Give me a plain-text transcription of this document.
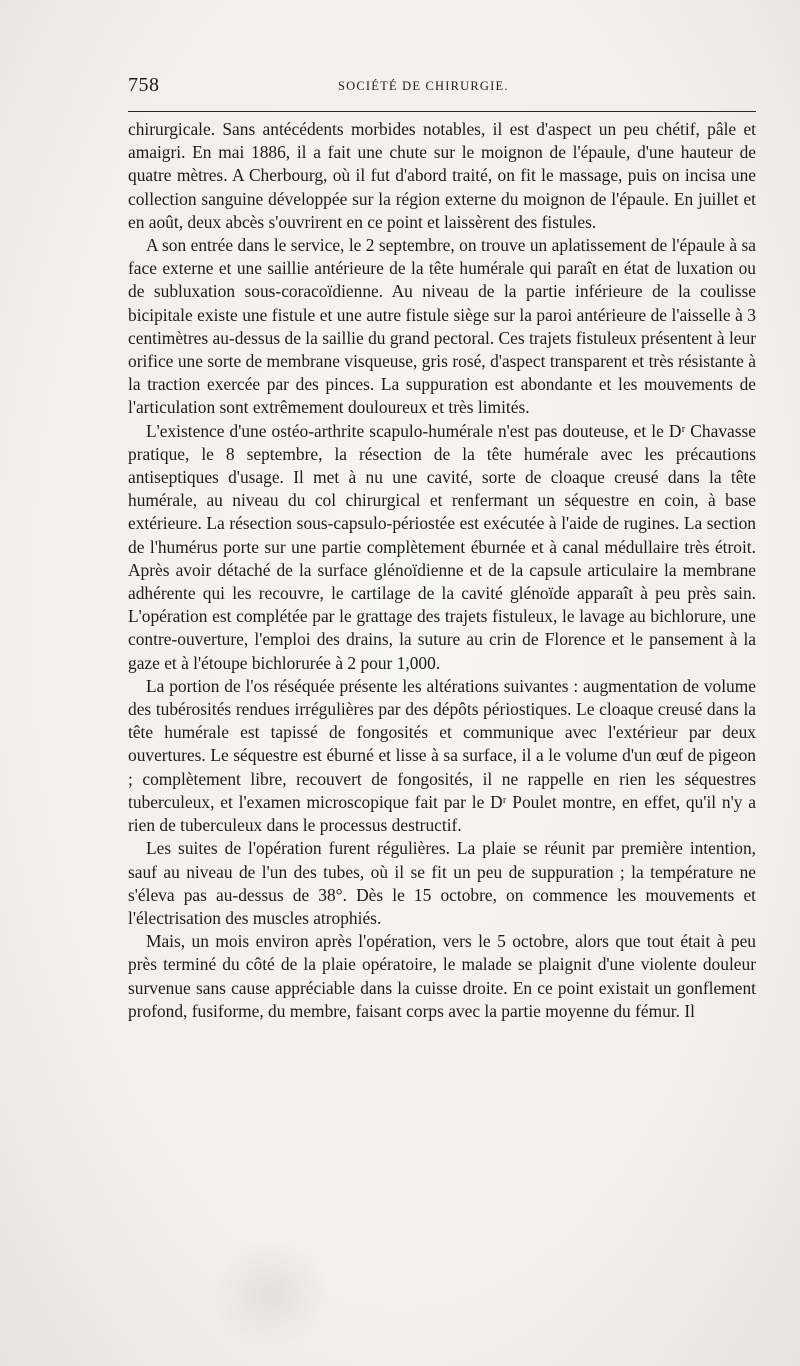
758	SOCIÉTÉ DE CHIRURGIE.

chirurgicale. Sans antécédents morbides notables, il est d'aspect un peu chétif, pâle et amaigri. En mai 1886, il a fait une chute sur le moignon de l'épaule, d'une hauteur de quatre mètres. A Cherbourg, où il fut d'abord traité, on fit le massage, puis on incisa une collection sanguine développée sur la région externe du moignon de l'épaule. En juillet et en août, deux abcès s'ouvrirent en ce point et laissèrent des fistules.

A son entrée dans le service, le 2 septembre, on trouve un aplatissement de l'épaule à sa face externe et une saillie antérieure de la tête humérale qui paraît en état de luxation ou de subluxation sous-coracoïdienne. Au niveau de la partie inférieure de la coulisse bicipitale existe une fistule et une autre fistule siège sur la paroi antérieure de l'aisselle à 3 centimètres au-dessus de la saillie du grand pectoral. Ces trajets fistuleux présentent à leur orifice une sorte de membrane visqueuse, gris rosé, d'aspect transparent et très résistante à la traction exercée par des pinces. La suppuration est abondante et les mouvements de l'articulation sont extrêmement douloureux et très limités.

L'existence d'une ostéo-arthrite scapulo-humérale n'est pas douteuse, et le Dʳ Chavasse pratique, le 8 septembre, la résection de la tête humérale avec les précautions antiseptiques d'usage. Il met à nu une cavité, sorte de cloaque creusé dans la tête humérale, au niveau du col chirurgical et renfermant un séquestre en coin, à base extérieure. La résection sous-capsulo-périostée est exécutée à l'aide de rugines. La section de l'humérus porte sur une partie complètement éburnée et à canal médullaire très étroit. Après avoir détaché de la surface glénoïdienne et de la capsule articulaire la membrane adhérente qui les recouvre, le cartilage de la cavité glénoïde apparaît à peu près sain. L'opération est complétée par le grattage des trajets fistuleux, le lavage au bichlorure, une contre-ouverture, l'emploi des drains, la suture au crin de Florence et le pansement à la gaze et à l'étoupe bichlorurée à 2 pour 1,000.

La portion de l'os réséquée présente les altérations suivantes : augmentation de volume des tubérosités rendues irrégulières par des dépôts périostiques. Le cloaque creusé dans la tête humérale est tapissé de fongosités et communique avec l'extérieur par deux ouvertures. Le séquestre est éburné et lisse à sa surface, il a le volume d'un œuf de pigeon ; complètement libre, recouvert de fongosités, il ne rappelle en rien les séquestres tuberculeux, et l'examen microscopique fait par le Dʳ Poulet montre, en effet, qu'il n'y a rien de tuberculeux dans le processus destructif.

Les suites de l'opération furent régulières. La plaie se réunit par première intention, sauf au niveau de l'un des tubes, où il se fit un peu de suppuration ; la température ne s'éleva pas au-dessus de 38°. Dès le 15 octobre, on commence les mouvements et l'électrisation des muscles atrophiés.

Mais, un mois environ après l'opération, vers le 5 octobre, alors que tout était à peu près terminé du côté de la plaie opératoire, le malade se plaignit d'une violente douleur survenue sans cause appréciable dans la cuisse droite. En ce point existait un gonflement profond, fusiforme, du membre, faisant corps avec la partie moyenne du fémur. Il
